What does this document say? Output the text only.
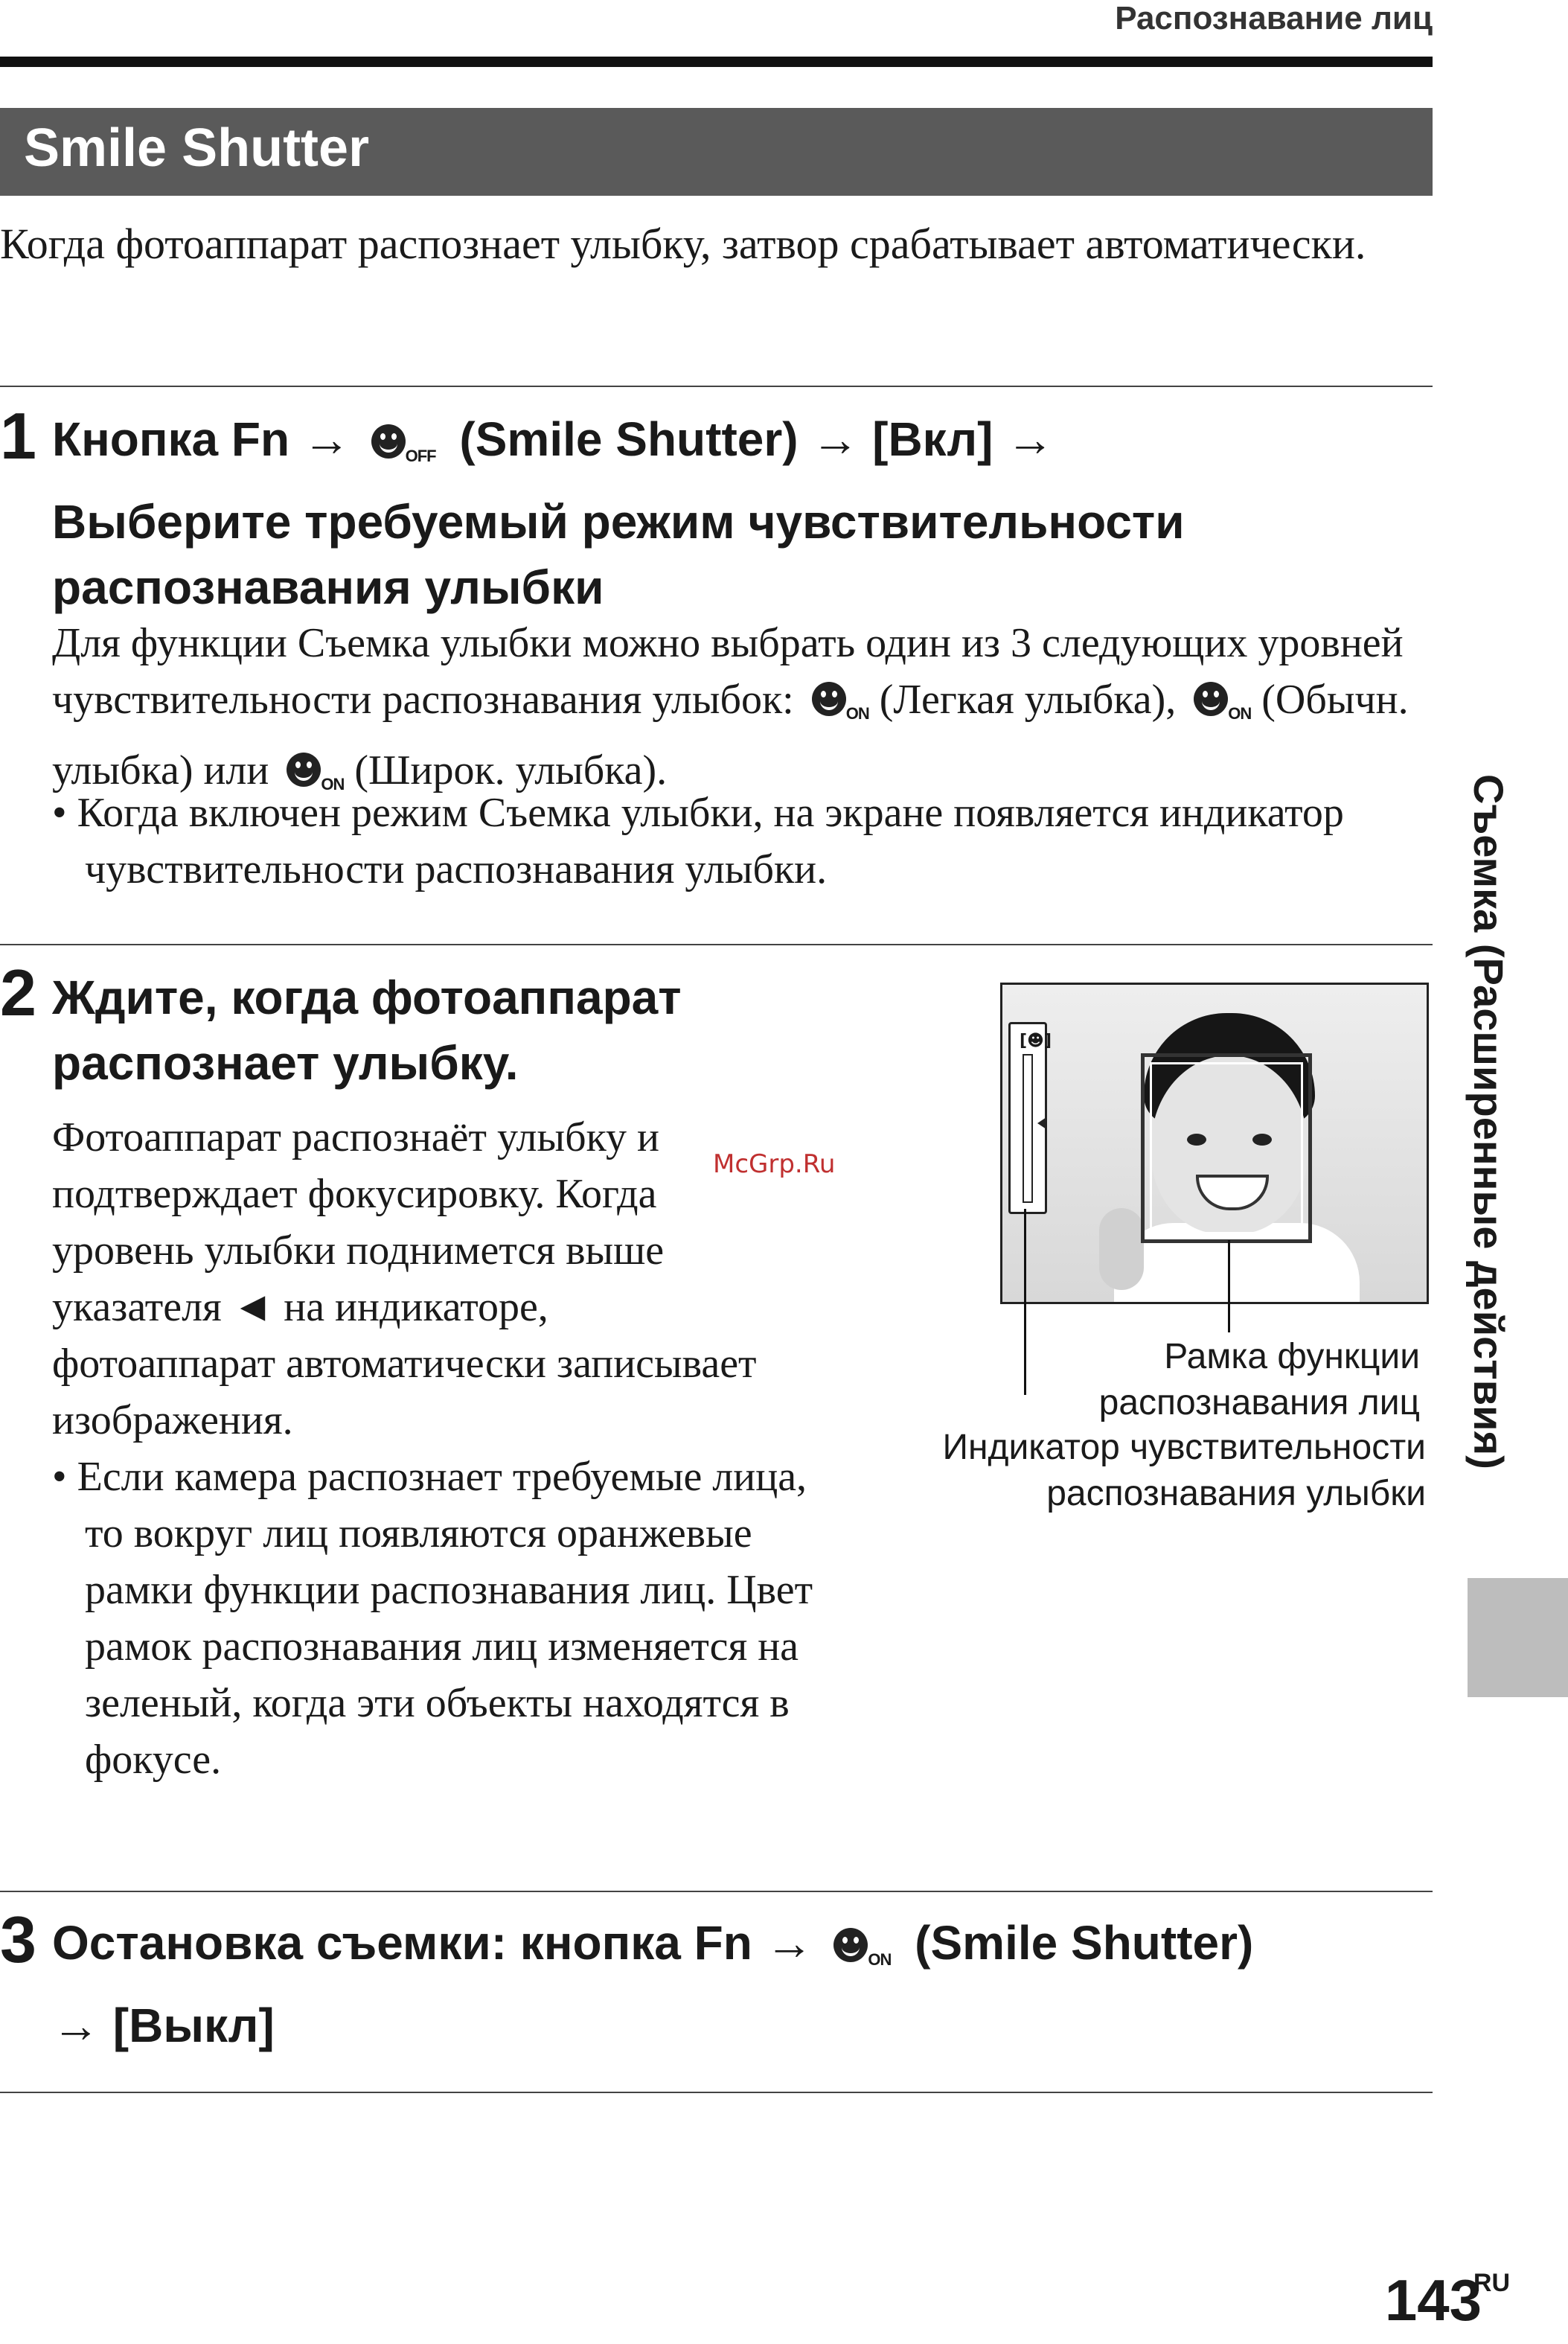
Распознавание лиц
Smile Shutter
Когда фотоаппарат распознает улыбку, затвор срабатывает автоматически.
1 Кнопка Fn →	OFF (Smile Shutter) → [Вкл] →
Выберите требуемый режим чувствительности распознавания улыбки
Для функции Съемка улыбки можно выбрать один из 3 следующих уровней чувствительности распознавания улыбок:	ON (Легкая улыбка),	ON (Обычн. улыбка) или	ON (Широк. улыбка).
• Когда включен режим Съемка улыбки, на экране появляется индикатор чувствительности распознавания улыбки.
2 Ждите, когда фотоаппарат распознает улыбку.
Фотоаппарат распознаёт улыбку и подтверждает фокусировку. Когда уровень улыбки поднимется выше указателя ◄ на индикаторе, фотоаппарат автоматически записывает изображения.
• Если камера распознает требуемые лица, то вокруг лиц появляются оранжевые рамки функции распознавания лиц. Цвет рамок распознавания лиц изменяется на зеленый, когда эти объекты находятся в фокусе.
[☻]
Рамка функции распознавания лиц
Индикатор чувствительности распознавания улыбки
McGrp.Ru
3 Остановка съемки: кнопка Fn →	ON (Smile Shutter)
→ [Выкл]
Съемка (Расширенные действия)
143
RU
